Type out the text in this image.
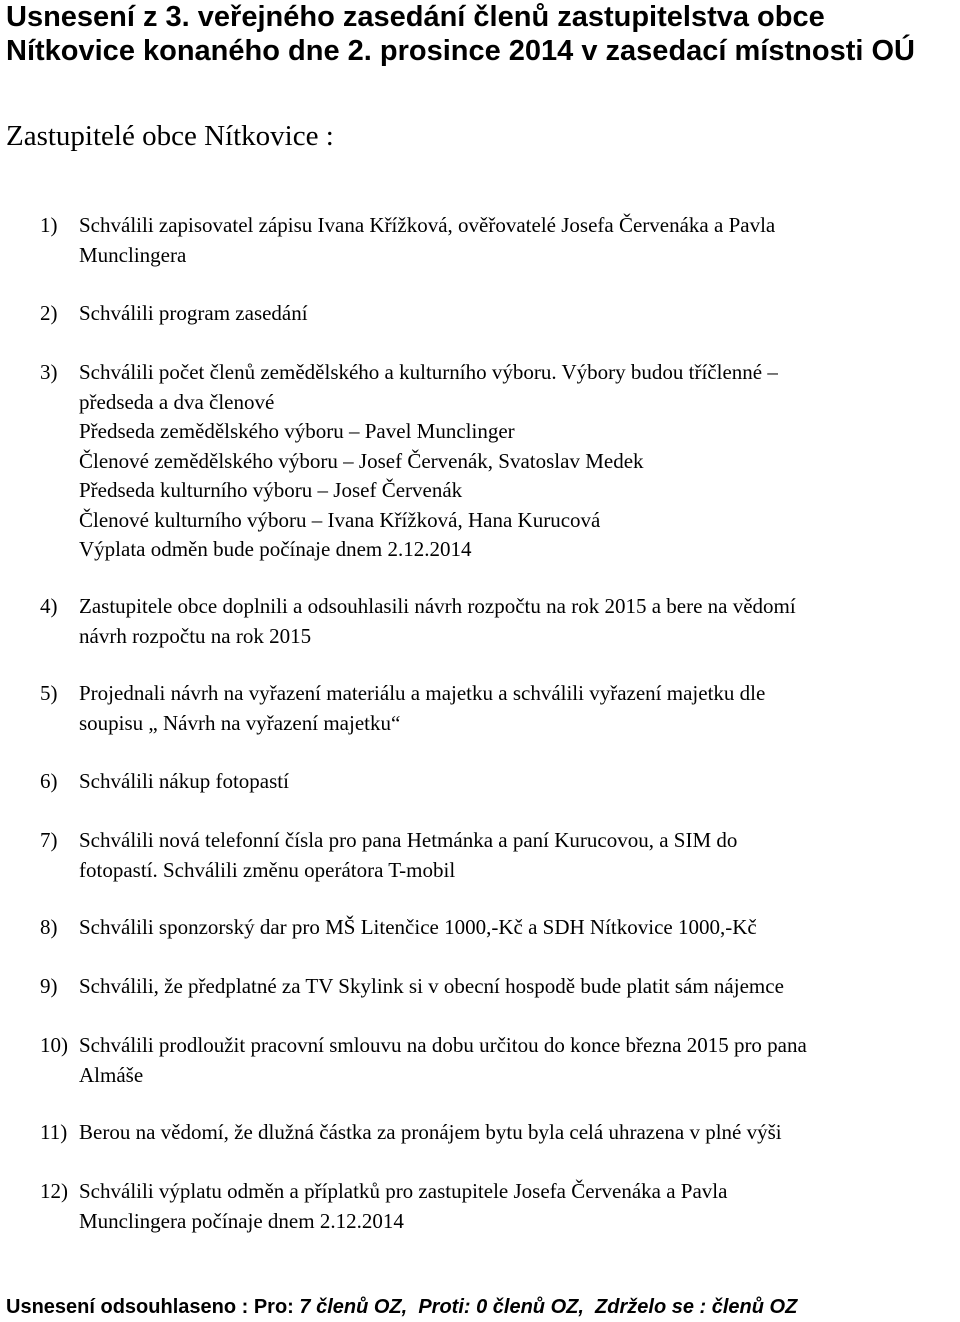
Usnesení z 3. veřejného zasedání členů zastupitelstva obce
Nítkovice konaného dne 2. prosince 2014 v zasedací místnosti OÚ
Zastupitelé obce Nítkovice :
1) Schválili zapisovatel zápisu Ivana Křížková, ověřovatelé Josefa Červenáka a Pavla
Munclingera
2) Schválili program zasedání
3) Schválili počet členů zemědělského a kulturního výboru. Výbory budou tříčlenné –
předseda a dva členové
Předseda zemědělského výboru – Pavel Munclinger
Členové zemědělského výboru – Josef Červenák, Svatoslav Medek
Předseda kulturního výboru – Josef Červenák
Členové kulturního výboru – Ivana Křížková, Hana Kurucová
Výplata odměn bude počínaje dnem 2.12.2014
4) Zastupitele obce doplnili a odsouhlasili návrh rozpočtu na rok 2015 a bere na vědomí
návrh rozpočtu na rok 2015
5) Projednali návrh na vyřazení materiálu a majetku a schválili vyřazení majetku dle
soupisu „ Návrh na vyřazení majetku“
6) Schválili nákup fotopastí
7) Schválili nová telefonní čísla pro pana Hetmánka a paní Kurucovou, a SIM do
fotopastí. Schválili změnu operátora T-mobil
8) Schválili sponzorský dar pro MŠ Litenčice 1000,-Kč a SDH Nítkovice 1000,-Kč
9) Schválili, že předplatné za TV Skylink si v obecní hospodě bude platit sám nájemce
10) Schválili prodloužit pracovní smlouvu na dobu určitou do konce března 2015 pro pana
Almáše
11) Berou na vědomí, že dlužná částka za pronájem bytu byla celá uhrazena v plné výši
12) Schválili výplatu odměn a příplatků pro zastupitele Josefa Červenáka a Pavla
Munclingera počínaje dnem 2.12.2014
Usnesení odsouhlaseno : Pro: 7 členů OZ, Proti: 0 členů OZ, Zdrželo se : členů OZ
